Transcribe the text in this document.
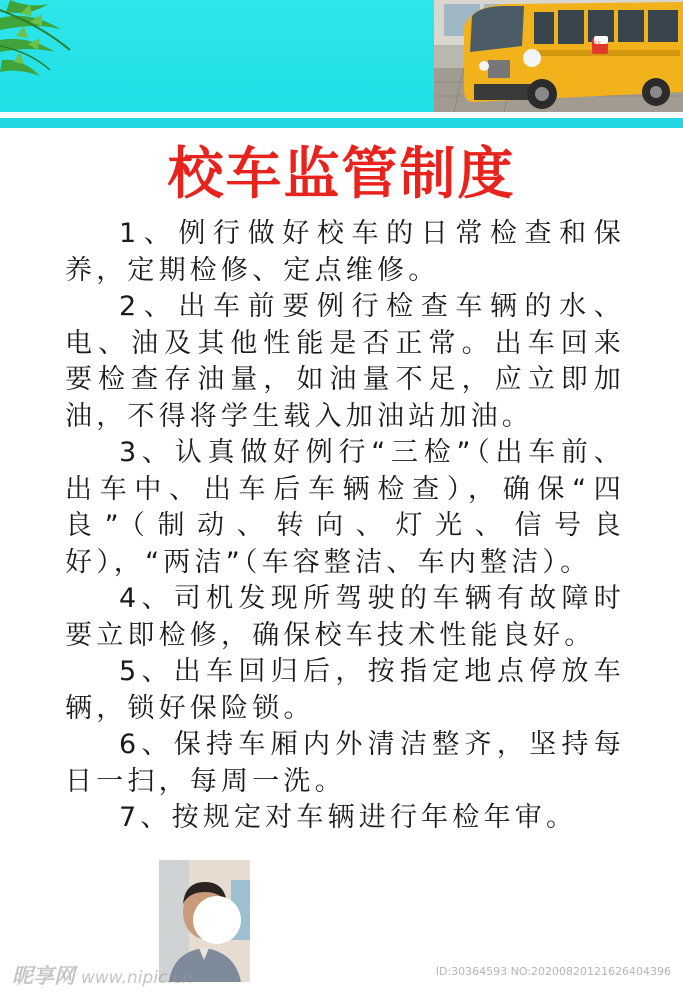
校车
校车监管制度

1、例行做好校车的日常检查和保养，定期检修、定点维修。

2、出车前要例行检查车辆的水、电、油及其他性能是否正常。出车回来要检查存油量，如油量不足，应立即加油，不得将学生载入加油站加油。

3、认真做好例行“三检”（出车前、出车中、出车后车辆检查），确保“四良”（制动、转向、灯光、信号良好），“两洁”（车容整洁、车内整洁）。

4、司机发现所驾驶的车辆有故障时要立即检修，确保校车技术性能良好。

5、出车回归后，按指定地点停放车辆，锁好保险锁。

6、保持车厢内外清洁整齐，坚持每日一扫，每周一洗。

7、按规定对车辆进行年检年审。

昵享网 www.nipic.cn	ID:30364593 NO:20200820121626404396
